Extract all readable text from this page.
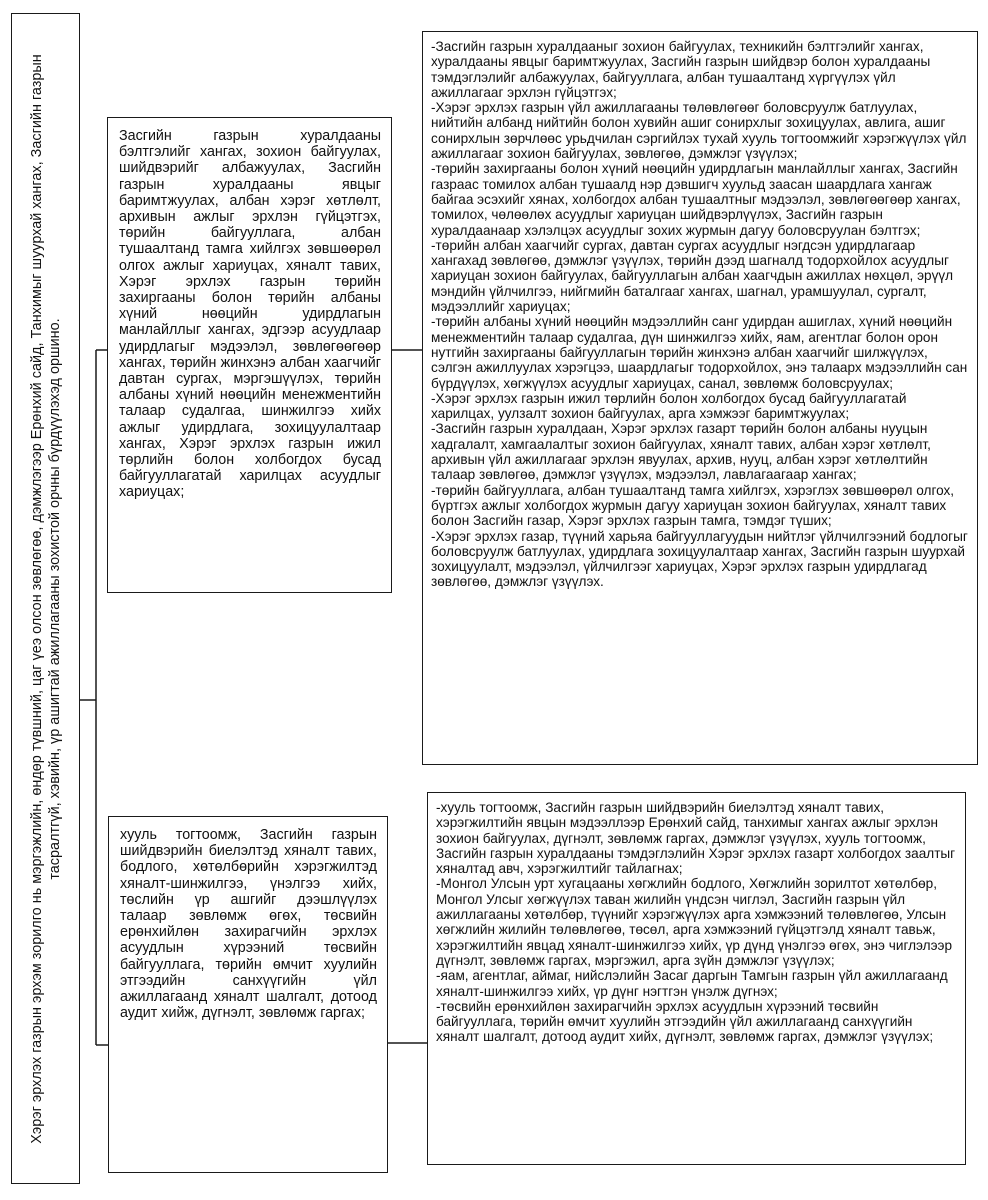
Хэрэг эрхлэх газрын эрхэм зорилго нь мэргэжлийн, өндөр түвшний, цаг үеэ олсон зөвлөгөө, дэмжлэгээр Ерөнхий сайд, Танхимыг шуурхай хангах, Засгийн газрын тасралтгүй, хэвийн, үр ашигтай ажиллагааны зохистой орчны бүрдүүлэхэд оршино.

Засгийн газрын хуралдааны бэлтгэлийг хангах, зохион байгуулах, шийдвэрийг албажуулах, Засгийн газрын хуралдааны явцыг баримтжуулах, албан хэрэг хөтлөлт, архивын ажлыг эрхлэн гүйцэтгэх, төрийн байгууллага, албан тушаалтанд тамга хийлгэх зөвшөөрөл олгох ажлыг хариуцах, хяналт тавих, Хэрэг эрхлэх газрын төрийн захиргааны болон төрийн албаны хүний нөөцийн удирдлагын манлайллыг хангах, эдгээр асуудлаар удирдлагыг мэдээлэл, зөвлөгөөгөөр хангах, төрийн жинхэнэ албан хаагчийг давтан сургах, мэргэшүүлэх, төрийн албаны хүний нөөцийн менежментийн талаар судалгаа, шинжилгээ хийх ажлыг удирдлага, зохицуулалтаар хангах, Хэрэг эрхлэх газрын ижил төрлийн болон холбогдох бусад байгууллагатай харилцах асуудлыг хариуцах;

хууль тогтоомж, Засгийн газрын шийдвэрийн биелэлтэд хяналт тавих, бодлого, хөтөлбөрийн хэрэгжилтэд хяналт-шинжилгээ, үнэлгээ хийх, төслийн үр ашгийг дээшлүүлэх талаар зөвлөмж өгөх, төсвийн ерөнхийлөн захирагчийн эрхлэх асуудлын хүрээний төсвийн байгууллага, төрийн өмчит хуулийн этгээдийн санхүүгийн үйл ажиллагаанд хяналт шалгалт, дотоод аудит хийж, дүгнэлт, зөвлөмж гаргах;

-Засгийн газрын хуралдааныг зохион байгуулах, техникийн бэлтгэлийг хангах, хуралдааны явцыг баримтжуулах, Засгийн газрын шийдвэр болон хуралдааны тэмдэглэлийг албажуулах, байгууллага, албан тушаалтанд хүргүүлэх үйл ажиллагааг эрхлэн гүйцэтгэх;

-Хэрэг эрхлэх газрын үйл ажиллагааны төлөвлөгөөг боловсруулж батлуулах, нийтийн албанд нийтийн болон хувийн ашиг сонирхлыг зохицуулах, авлига, ашиг сонирхлын зөрчлөөс урьдчилан сэргийлэх тухай хууль тогтоомжийг хэрэгжүүлэх үйл ажиллагааг зохион байгуулах, зөвлөгөө, дэмжлэг үзүүлэх;

-төрийн захиргааны болон хүний нөөцийн удирдлагын манлайллыг хангах, Засгийн газраас томилох албан тушаалд нэр дэвшигч хуульд заасан шаардлага хангаж байгаа эсэхийг хянах, холбогдох албан тушаалтныг мэдээлэл, зөвлөгөөгөөр хангах, томилох, чөлөөлөх асуудлыг хариуцан шийдвэрлүүлэх, Засгийн газрын хуралдаанаар хэлэлцэх асуудлыг зохих журмын дагуу боловсруулан бэлтгэх;

-төрийн албан хаагчийг сургах, давтан сургах асуудлыг нэгдсэн удирдлагаар хангахад зөвлөгөө, дэмжлэг үзүүлэх, төрийн дээд шагналд тодорхойлох асуудлыг хариуцан зохион байгуулах, байгууллагын албан хаагчдын ажиллах нөхцөл, эрүүл мэндийн үйлчилгээ, нийгмийн баталгааг хангах, шагнал, урамшуулал, сургалт, мэдээллийг хариуцах;

-төрийн албаны хүний нөөцийн мэдээллийн санг удирдан ашиглах, хүний нөөцийн менежментийн талаар судалгаа, дүн шинжилгээ хийх, яам, агентлаг болон орон нутгийн захиргааны байгууллагын төрийн жинхэнэ албан хаагчийг шилжүүлэх, сэлгэн ажиллуулах хэрэгцээ, шаардлагыг тодорхойлох, энэ талаарх мэдээллийн сан бүрдүүлэх, хөгжүүлэх асуудлыг хариуцах, санал, зөвлөмж боловсруулах;

-Хэрэг эрхлэх газрын ижил төрлийн болон холбогдох бусад байгууллагатай харилцах, уулзалт зохион байгуулах, арга хэмжээг баримтжуулах;

-Засгийн газрын хуралдаан, Хэрэг эрхлэх газарт төрийн болон албаны нууцын хадгалалт, хамгаалалтыг зохион байгуулах, хяналт тавих, албан хэрэг хөтлөлт, архивын үйл ажиллагааг эрхлэн явуулах, архив, нууц, албан хэрэг хөтлөлтийн талаар зөвлөгөө, дэмжлэг үзүүлэх, мэдээлэл, лавлагаагаар хангах;

-төрийн байгууллага, албан тушаалтанд тамга хийлгэх, хэрэглэх зөвшөөрөл олгох, бүртгэх ажлыг холбогдох журмын дагуу хариуцан зохион байгуулах, хяналт тавих болон Засгийн газар, Хэрэг эрхлэх газрын тамга, тэмдэг түших;

-Хэрэг эрхлэх газар, түүний харьяа байгууллагуудын нийтлэг үйлчилгээний бодлогыг боловсруулж батлуулах, удирдлага зохицуулалтаар хангах, Засгийн газрын шуурхай зохицуулалт, мэдээлэл, үйлчилгээг хариуцах, Хэрэг эрхлэх газрын удирдлагад зөвлөгөө, дэмжлэг үзүүлэх.

-хууль тогтоомж, Засгийн газрын шийдвэрийн биелэлтэд хяналт тавих, хэрэгжилтийн явцын мэдээллээр Ерөнхий сайд, танхимыг хангах ажлыг эрхлэн зохион байгуулах, дүгнэлт, зөвлөмж гаргах, дэмжлэг үзүүлэх, хууль тогтоомж, Засгийн газрын хуралдааны тэмдэглэлийн Хэрэг эрхлэх газарт холбогдох заалтыг хяналтад авч, хэрэгжилтийг тайлагнах;

-Монгол Улсын урт хугацааны хөгжлийн бодлого, Хөгжлийн зорилтот хөтөлбөр, Монгол Улсыг хөгжүүлэх таван жилийн үндсэн чиглэл, Засгийн газрын үйл ажиллагааны хөтөлбөр, түүнийг хэрэгжүүлэх арга хэмжээний төлөвлөгөө, Улсын хөгжлийн жилийн төлөвлөгөө, төсөл, арга хэмжээний гүйцэтгэлд хяналт тавьж, хэрэгжилтийн явцад хяналт-шинжилгээ хийх, үр дүнд үнэлгээ өгөх, энэ чиглэлээр дүгнэлт, зөвлөмж гаргах, мэргэжил, арга зүйн дэмжлэг үзүүлэх;

-яам, агентлаг, аймаг, нийслэлийн Засаг даргын Тамгын газрын үйл ажиллагаанд хяналт-шинжилгээ хийх, үр дүнг нэгтгэн үнэлж дүгнэх;

-төсвийн ерөнхийлөн захирагчийн эрхлэх асуудлын хүрээний төсвийн байгууллага, төрийн өмчит хуулийн этгээдийн үйл ажиллагаанд санхүүгийн хяналт шалгалт, дотоод аудит хийх, дүгнэлт, зөвлөмж гаргах, дэмжлэг үзүүлэх;
